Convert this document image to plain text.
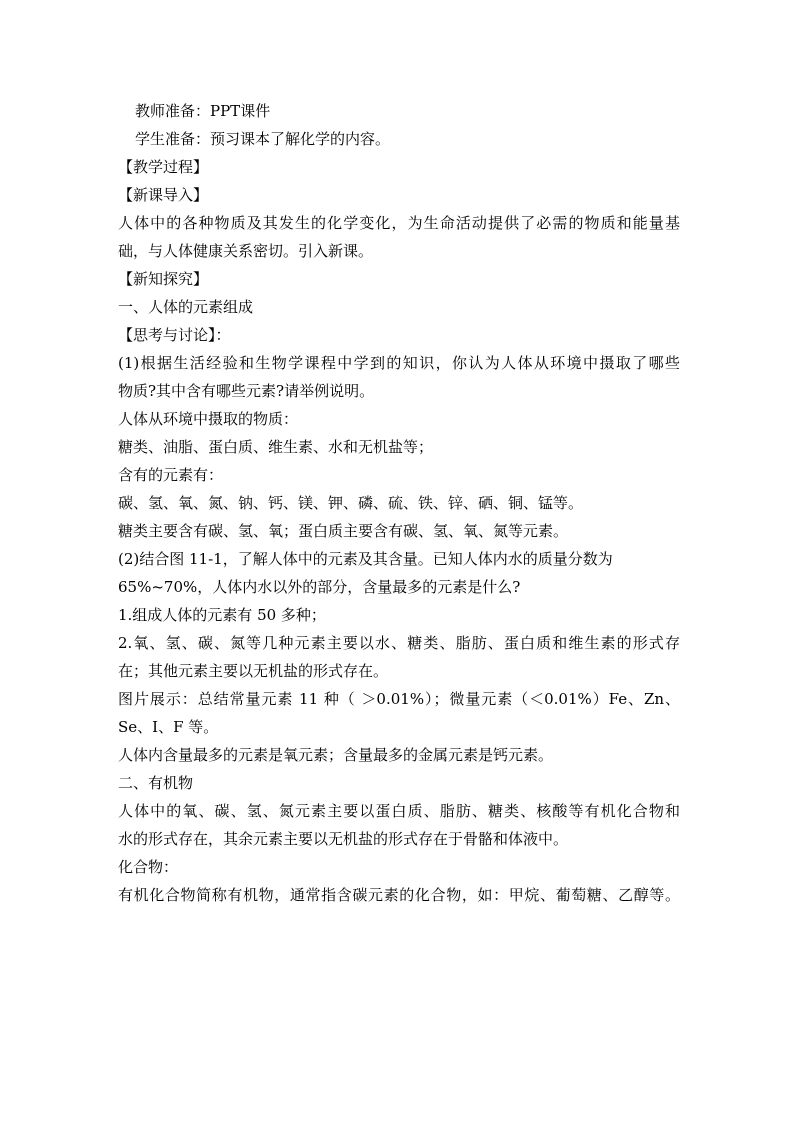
教师准备：PPT课件
学生准备：预习课本了解化学的内容。
【教学过程】
【新课导入】
人体中的各种物质及其发生的化学变化，为生命活动提供了必需的物质和能量基
础，与人体健康关系密切。引入新课。
【新知探究】
一、人体的元素组成
【思考与讨论】：
(1)根据生活经验和生物学课程中学到的知识，你认为人体从环境中摄取了哪些
物质?其中含有哪些元素?请举例说明。
人体从环境中摄取的物质：
糖类、油脂、蛋白质、维生素、水和无机盐等；
含有的元素有：
碳、氢、氧、氮、钠、钙、镁、钾、磷、硫、铁、锌、硒、铜、锰等。
糖类主要含有碳、氢、氧；蛋白质主要含有碳、氢、氧、氮等元素。
(2)结合图 11-1，了解人体中的元素及其含量。已知人体内水的质量分数为
65%~70%，人体内水以外的部分，含量最多的元素是什么?
1.组成人体的元素有 50 多种；
2.氧、氢、碳、氮等几种元素主要以水、糖类、脂肪、蛋白质和维生素的形式存
在；其他元素主要以无机盐的形式存在。
图片展示：总结常量元素 11 种（ ＞0.01%）；微量元素（＜0.01%）Fe、Zn、
Se、I、F 等。
人体内含量最多的元素是氧元素；含量最多的金属元素是钙元素。
二、有机物
人体中的氧、碳、氢、氮元素主要以蛋白质、脂肪、糖类、核酸等有机化合物和
水的形式存在，其余元素主要以无机盐的形式存在于骨骼和体液中。
化合物：
有机化合物简称有机物，通常指含碳元素的化合物，如：甲烷、葡萄糖、乙醇等。
